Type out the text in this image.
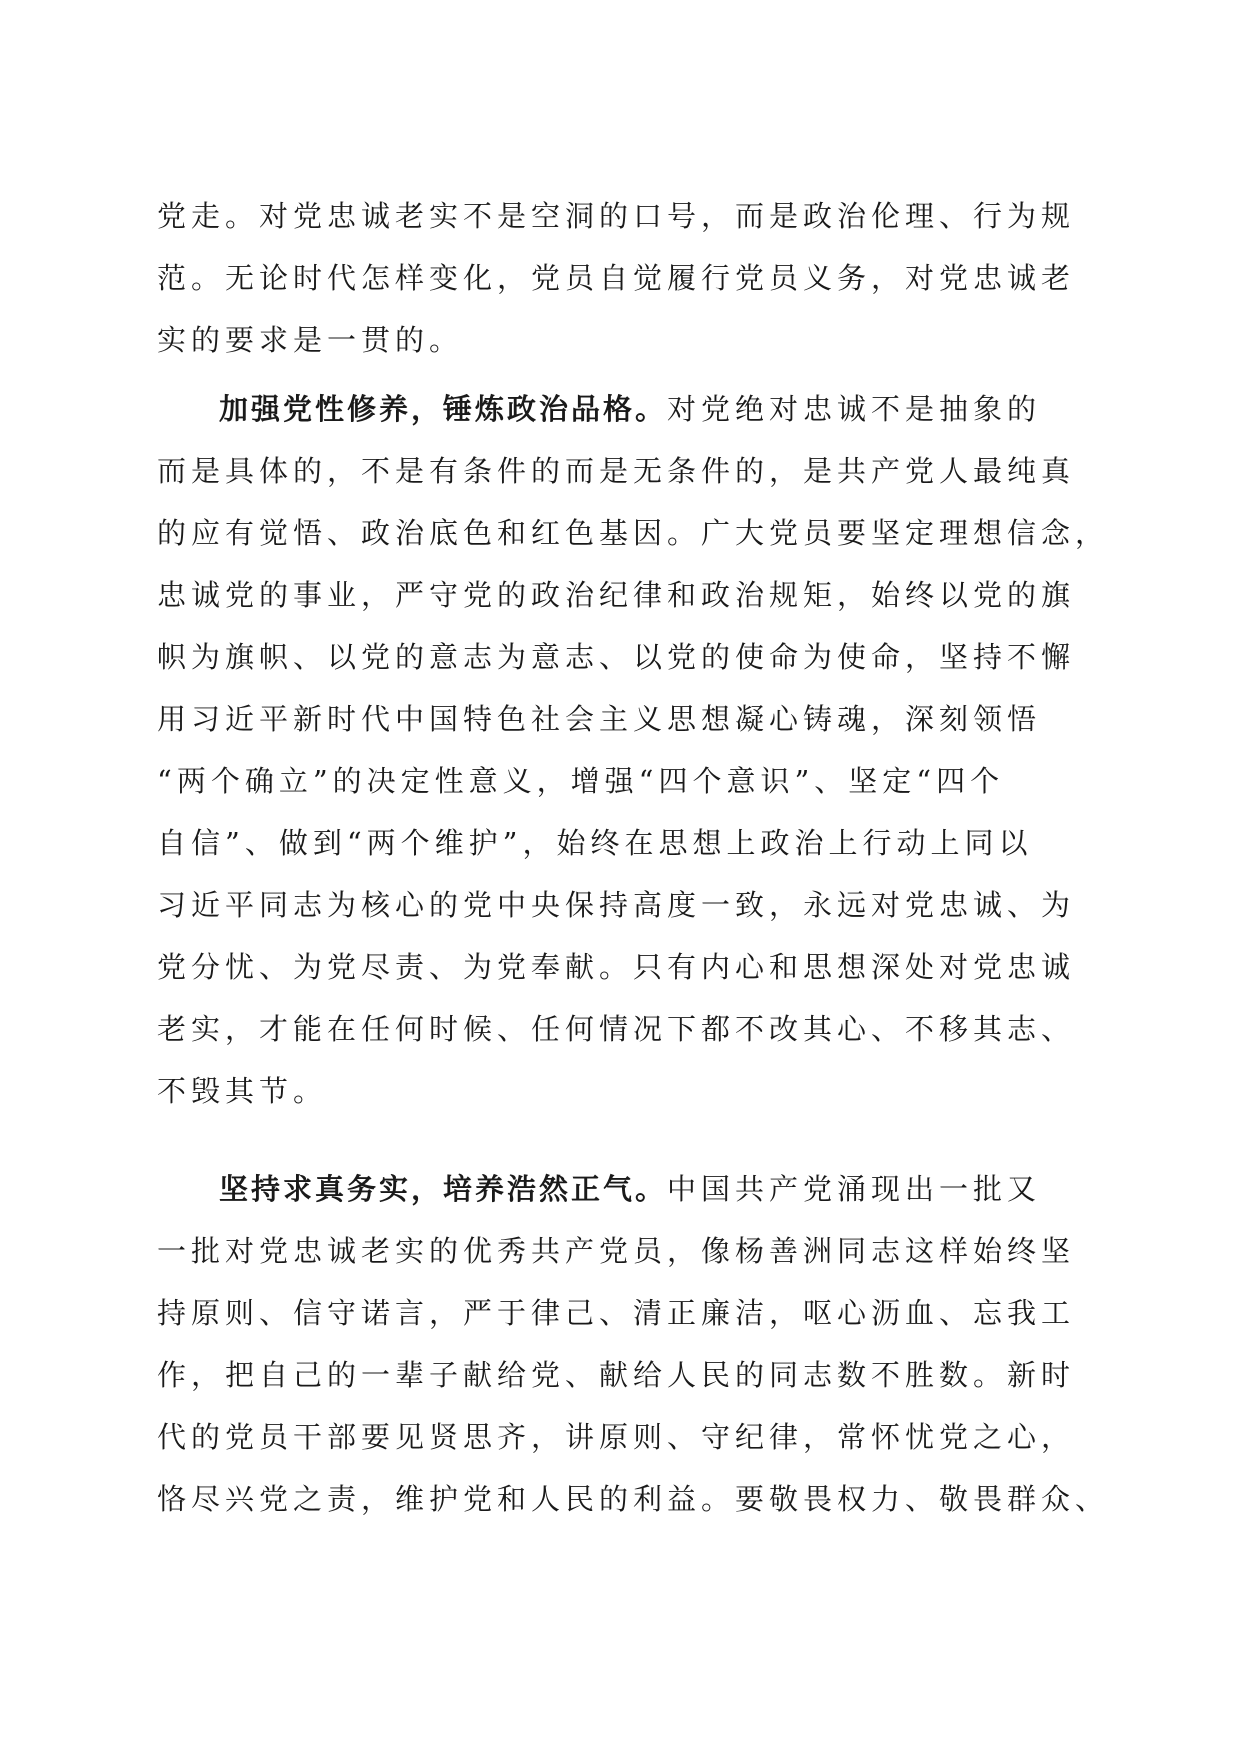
党走。对党忠诚老实不是空洞的口号，而是政治伦理、行为规
范。无论时代怎样变化，党员自觉履行党员义务，对党忠诚老
实的要求是一贯的。
加强党性修养，锤炼政治品格。对党绝对忠诚不是抽象的
而是具体的，不是有条件的而是无条件的，是共产党人最纯真
的应有觉悟、政治底色和红色基因。广大党员要坚定理想信念，
忠诚党的事业，严守党的政治纪律和政治规矩，始终以党的旗
帜为旗帜、以党的意志为意志、以党的使命为使命，坚持不懈
用习近平新时代中国特色社会主义思想凝心铸魂，深刻领悟
“两个确立”的决定性意义，增强“四个意识”、坚定“四个
自信”、做到“两个维护”，始终在思想上政治上行动上同以
习近平同志为核心的党中央保持高度一致，永远对党忠诚、为
党分忧、为党尽责、为党奉献。只有内心和思想深处对党忠诚
老实，才能在任何时候、任何情况下都不改其心、不移其志、
不毁其节。
坚持求真务实，培养浩然正气。中国共产党涌现出一批又
一批对党忠诚老实的优秀共产党员，像杨善洲同志这样始终坚
持原则、信守诺言，严于律己、清正廉洁，呕心沥血、忘我工
作，把自己的一辈子献给党、献给人民的同志数不胜数。新时
代的党员干部要见贤思齐，讲原则、守纪律，常怀忧党之心，
恪尽兴党之责，维护党和人民的利益。要敬畏权力、敬畏群众、
